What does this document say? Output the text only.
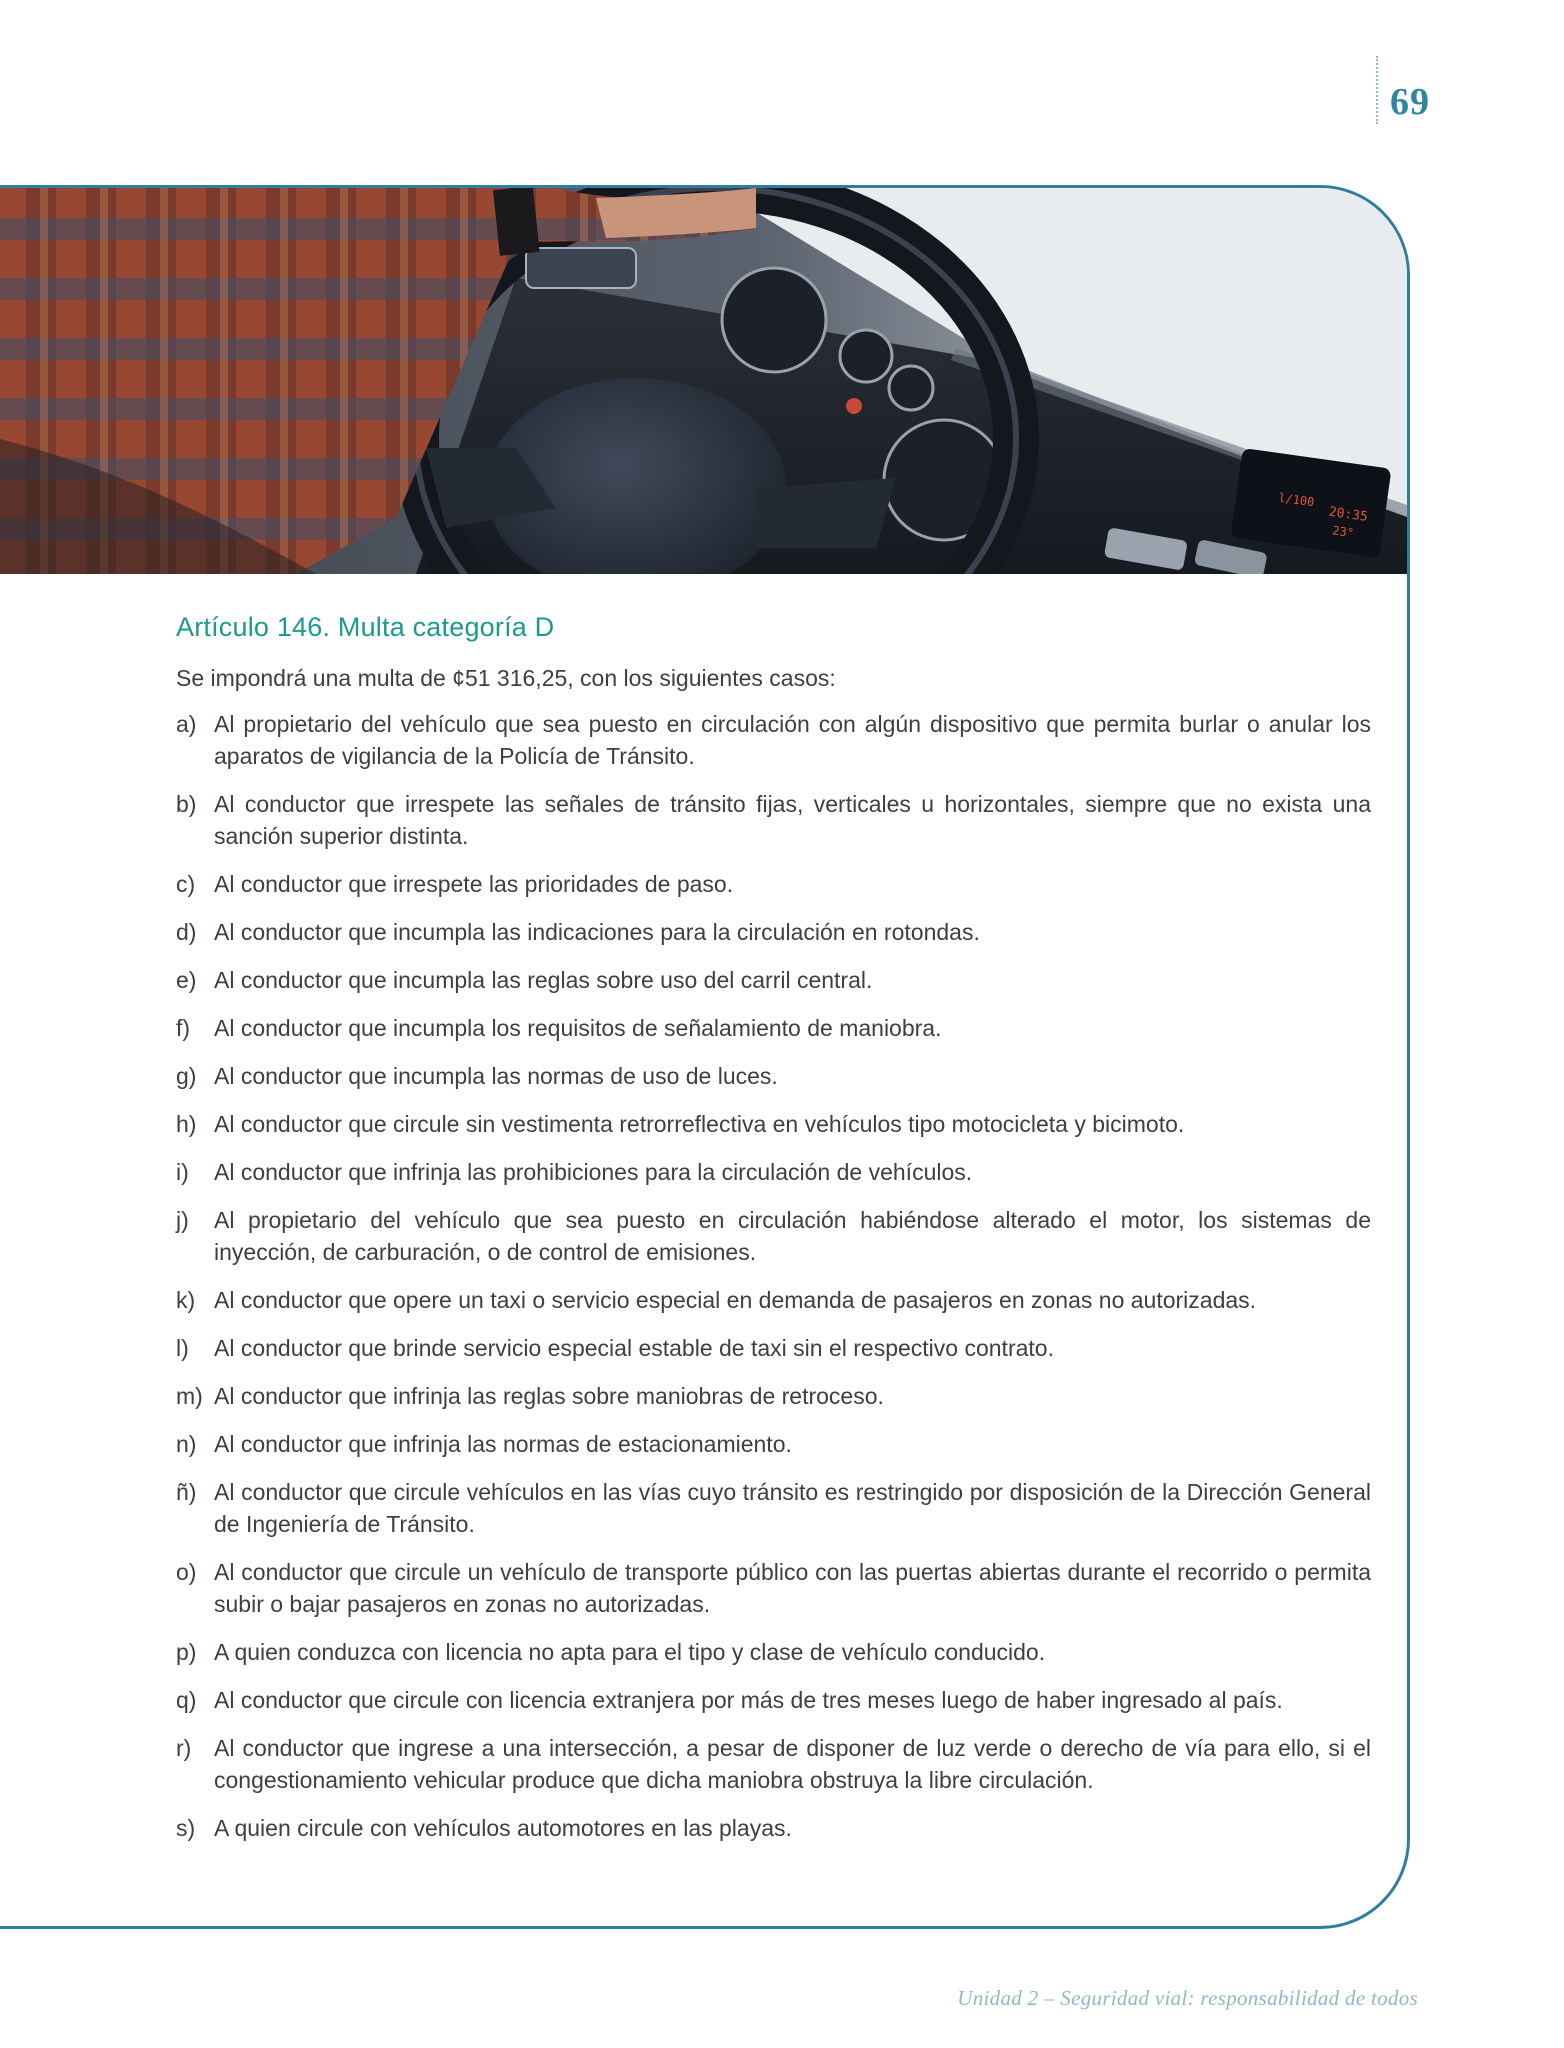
69
l/100
20:35
23°
Artículo 146. Multa categoría D

Se impondrá una multa de ¢51 316,25, con los siguientes casos:

a) Al propietario del vehículo que sea puesto en circulación con algún dispositivo que permita burlar o anular los aparatos de vigilancia de la Policía de Tránsito.
b) Al conductor que irrespete las señales de tránsito fijas, verticales u horizontales, siempre que no exista una sanción superior distinta.
c) Al conductor que irrespete las prioridades de paso.
d) Al conductor que incumpla las indicaciones para la circulación en rotondas.
e) Al conductor que incumpla las reglas sobre uso del carril central.
f) Al conductor que incumpla los requisitos de señalamiento de maniobra.
g) Al conductor que incumpla las normas de uso de luces.
h) Al conductor que circule sin vestimenta retrorreflectiva en vehículos tipo motocicleta y bicimoto.
i) Al conductor que infrinja las prohibiciones para la circulación de vehículos.
j) Al propietario del vehículo que sea puesto en circulación habiéndose alterado el motor, los sistemas de inyección, de carburación, o de control de emisiones.
k) Al conductor que opere un taxi o servicio especial en demanda de pasajeros en zonas no autorizadas.
l) Al conductor que brinde servicio especial estable de taxi sin el respectivo contrato.
m) Al conductor que infrinja las reglas sobre maniobras de retroceso.
n) Al conductor que infrinja las normas de estacionamiento.
ñ) Al conductor que circule vehículos en las vías cuyo tránsito es restringido por disposición de la Dirección General de Ingeniería de Tránsito.
o) Al conductor que circule un vehículo de transporte público con las puertas abiertas durante el recorrido o permita subir o bajar pasajeros en zonas no autorizadas.
p) A quien conduzca con licencia no apta para el tipo y clase de vehículo conducido.
q) Al conductor que circule con licencia extranjera por más de tres meses luego de haber ingresado al país.
r) Al conductor que ingrese a una intersección, a pesar de disponer de luz verde o derecho de vía para ello, si el congestionamiento vehicular produce que dicha maniobra obstruya la libre circulación.
s) A quien circule con vehículos automotores en las playas.
Unidad 2 – Seguridad vial: responsabilidad de todos
